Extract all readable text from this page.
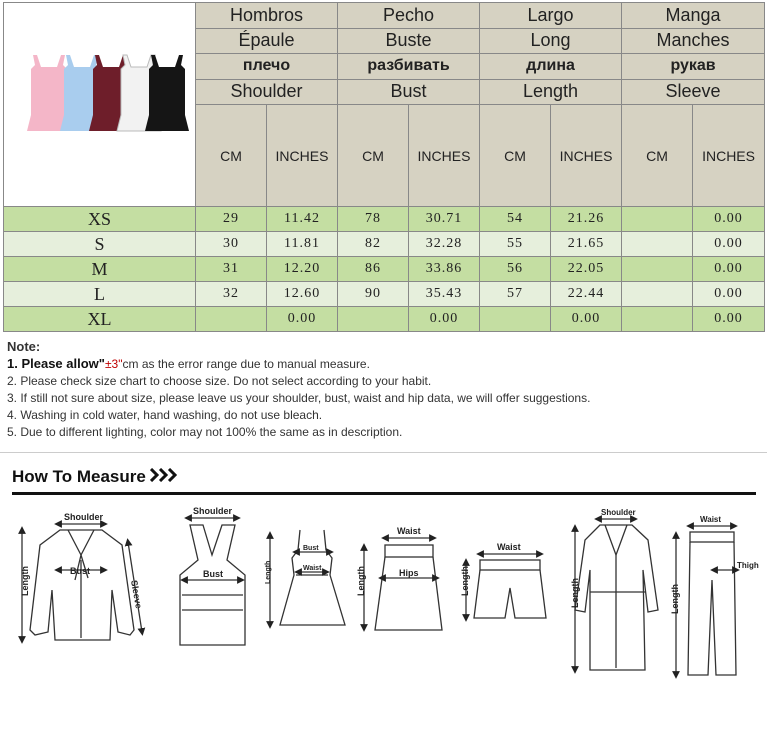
	Hombros		Pecho		Largo		Manga	
	Épaule		Buste		Long		Manches	
	плечо		разбивать		длина		рукав	
	Shoulder		Bust		Length		Sleeve	
	CM	INCHES	CM	INCHES	CM	INCHES	CM	INCHES
XS	29	11.42	78	30.71	54	21.26		0.00
S	30	11.81	82	32.28	55	21.65		0.00
M	31	12.20	86	33.86	56	22.05		0.00
L	32	12.60	90	35.43	57	22.44		0.00
XL		0.00		0.00		0.00		0.00
Note:
1. Please allow"±3"cm as the error range due to manual measure.
2. Please check size chart to choose size. Do not select according to your habit.
3. If still not sure about size, please leave us your shoulder, bust, waist and hip data, we will offer suggestions.
4. Washing in cold water, hand washing, do not use bleach.
5. Due to different lighting, color may not 100% the same as in description.
How To Measure
Shoulder
Bust
Length	Sleeve
Shoulder
Bust
Bust
Waist
Length
Waist
Hips
Length
Waist
Length
Shoulder
Length
Waist
Thigh
Length
